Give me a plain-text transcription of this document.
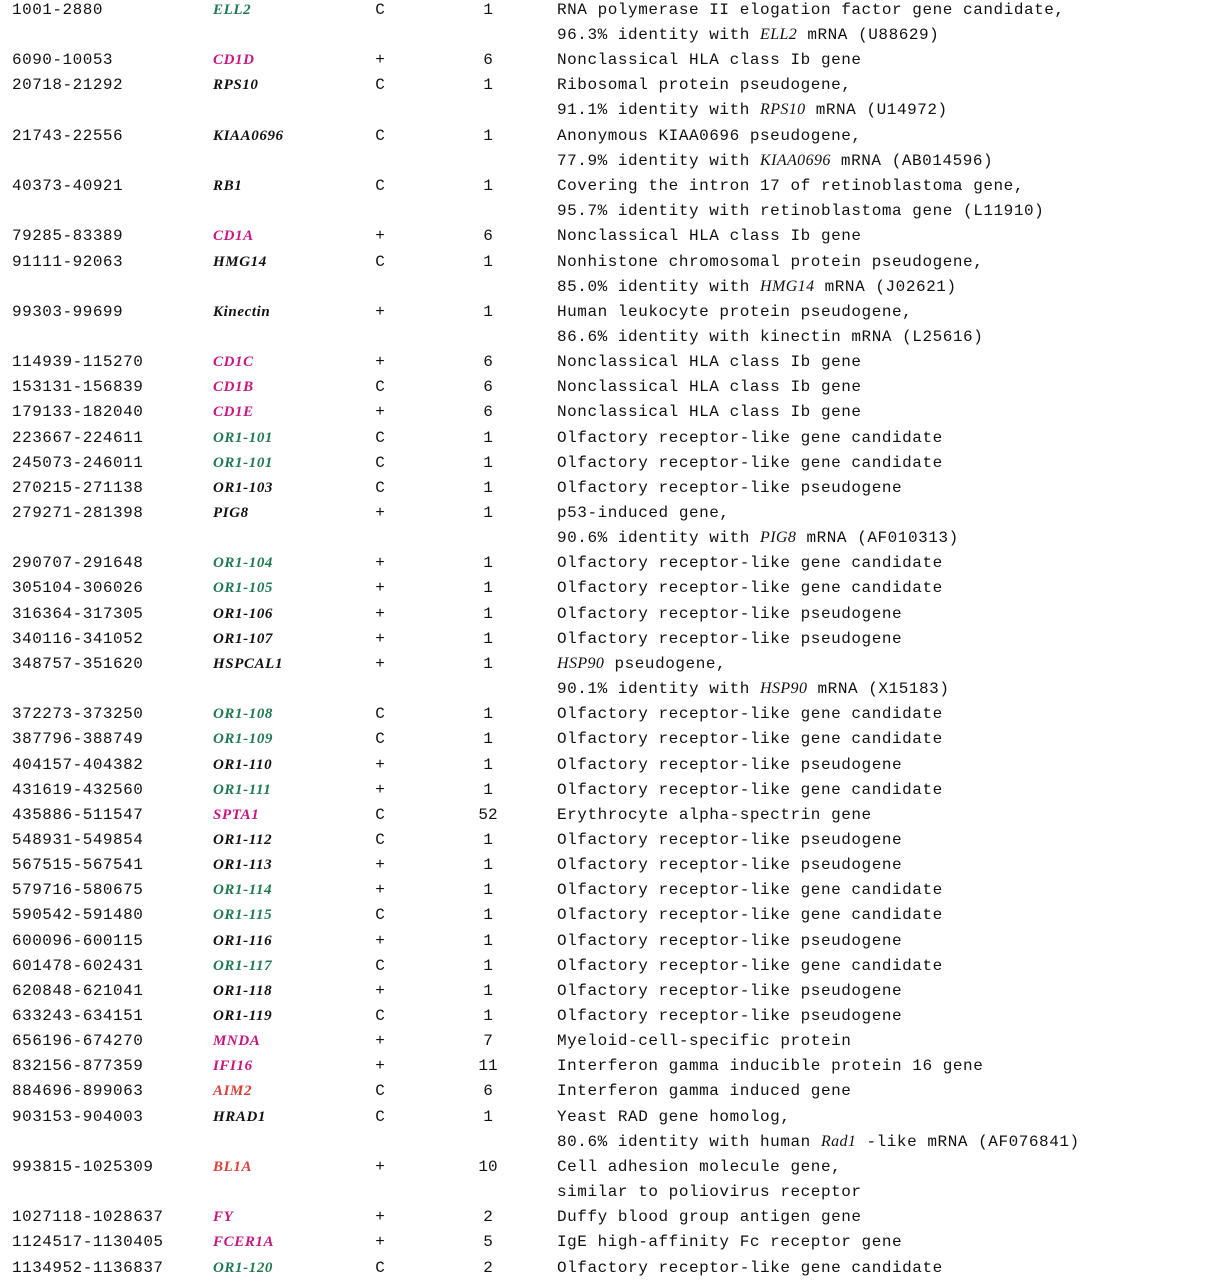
1001-2880	ELL2	C	1	RNA polymerase II elogation factor gene candidate,
96.3% identity with ELL2 mRNA (U88629)
6090-10053	CD1D	+	6	Nonclassical HLA class Ib gene
20718-21292	RPS10	C	1	Ribosomal protein pseudogene,
91.1% identity with RPS10 mRNA (U14972)
21743-22556	KIAA0696	C	1	Anonymous KIAA0696 pseudogene,
77.9% identity with KIAA0696 mRNA (AB014596)
40373-40921	RB1	C	1	Covering the intron 17 of retinoblastoma gene,
95.7% identity with retinoblastoma gene (L11910)
79285-83389	CD1A	+	6	Nonclassical HLA class Ib gene
91111-92063	HMG14	C	1	Nonhistone chromosomal protein pseudogene,
85.0% identity with HMG14 mRNA (J02621)
99303-99699	Kinectin	+	1	Human leukocyte protein pseudogene,
86.6% identity with kinectin mRNA (L25616)
114939-115270	CD1C	+	6	Nonclassical HLA class Ib gene
153131-156839	CD1B	C	6	Nonclassical HLA class Ib gene
179133-182040	CD1E	+	6	Nonclassical HLA class Ib gene
223667-224611	OR1-101	C	1	Olfactory receptor-like gene candidate
245073-246011	OR1-101	C	1	Olfactory receptor-like gene candidate
270215-271138	OR1-103	C	1	Olfactory receptor-like pseudogene
279271-281398	PIG8	+	1	p53-induced gene,
90.6% identity with PIG8 mRNA (AF010313)
290707-291648	OR1-104	+	1	Olfactory receptor-like gene candidate
305104-306026	OR1-105	+	1	Olfactory receptor-like gene candidate
316364-317305	OR1-106	+	1	Olfactory receptor-like pseudogene
340116-341052	OR1-107	+	1	Olfactory receptor-like pseudogene
348757-351620	HSPCAL1	+	1	HSP90 pseudogene,
90.1% identity with HSP90 mRNA (X15183)
372273-373250	OR1-108	C	1	Olfactory receptor-like gene candidate
387796-388749	OR1-109	C	1	Olfactory receptor-like gene candidate
404157-404382	OR1-110	+	1	Olfactory receptor-like pseudogene
431619-432560	OR1-111	+	1	Olfactory receptor-like gene candidate
435886-511547	SPTA1	C	52	Erythrocyte alpha-spectrin gene
548931-549854	OR1-112	C	1	Olfactory receptor-like pseudogene
567515-567541	OR1-113	+	1	Olfactory receptor-like pseudogene
579716-580675	OR1-114	+	1	Olfactory receptor-like gene candidate
590542-591480	OR1-115	C	1	Olfactory receptor-like gene candidate
600096-600115	OR1-116	+	1	Olfactory receptor-like pseudogene
601478-602431	OR1-117	C	1	Olfactory receptor-like gene candidate
620848-621041	OR1-118	+	1	Olfactory receptor-like pseudogene
633243-634151	OR1-119	C	1	Olfactory receptor-like pseudogene
656196-674270	MNDA	+	7	Myeloid-cell-specific protein
832156-877359	IFI16	+	11	Interferon gamma inducible protein 16 gene
884696-899063	AIM2	C	6	Interferon gamma induced gene
903153-904003	HRAD1	C	1	Yeast RAD gene homolog,
80.6% identity with human Rad1 -like mRNA (AF076841)
993815-1025309	BL1A	+	10	Cell adhesion molecule gene,
similar to poliovirus receptor
1027118-1028637	FY	+	2	Duffy blood group antigen gene
1124517-1130405	FCER1A	+	5	IgE high-affinity Fc receptor gene
1134952-1136837	OR1-120	C	2	Olfactory receptor-like gene candidate
